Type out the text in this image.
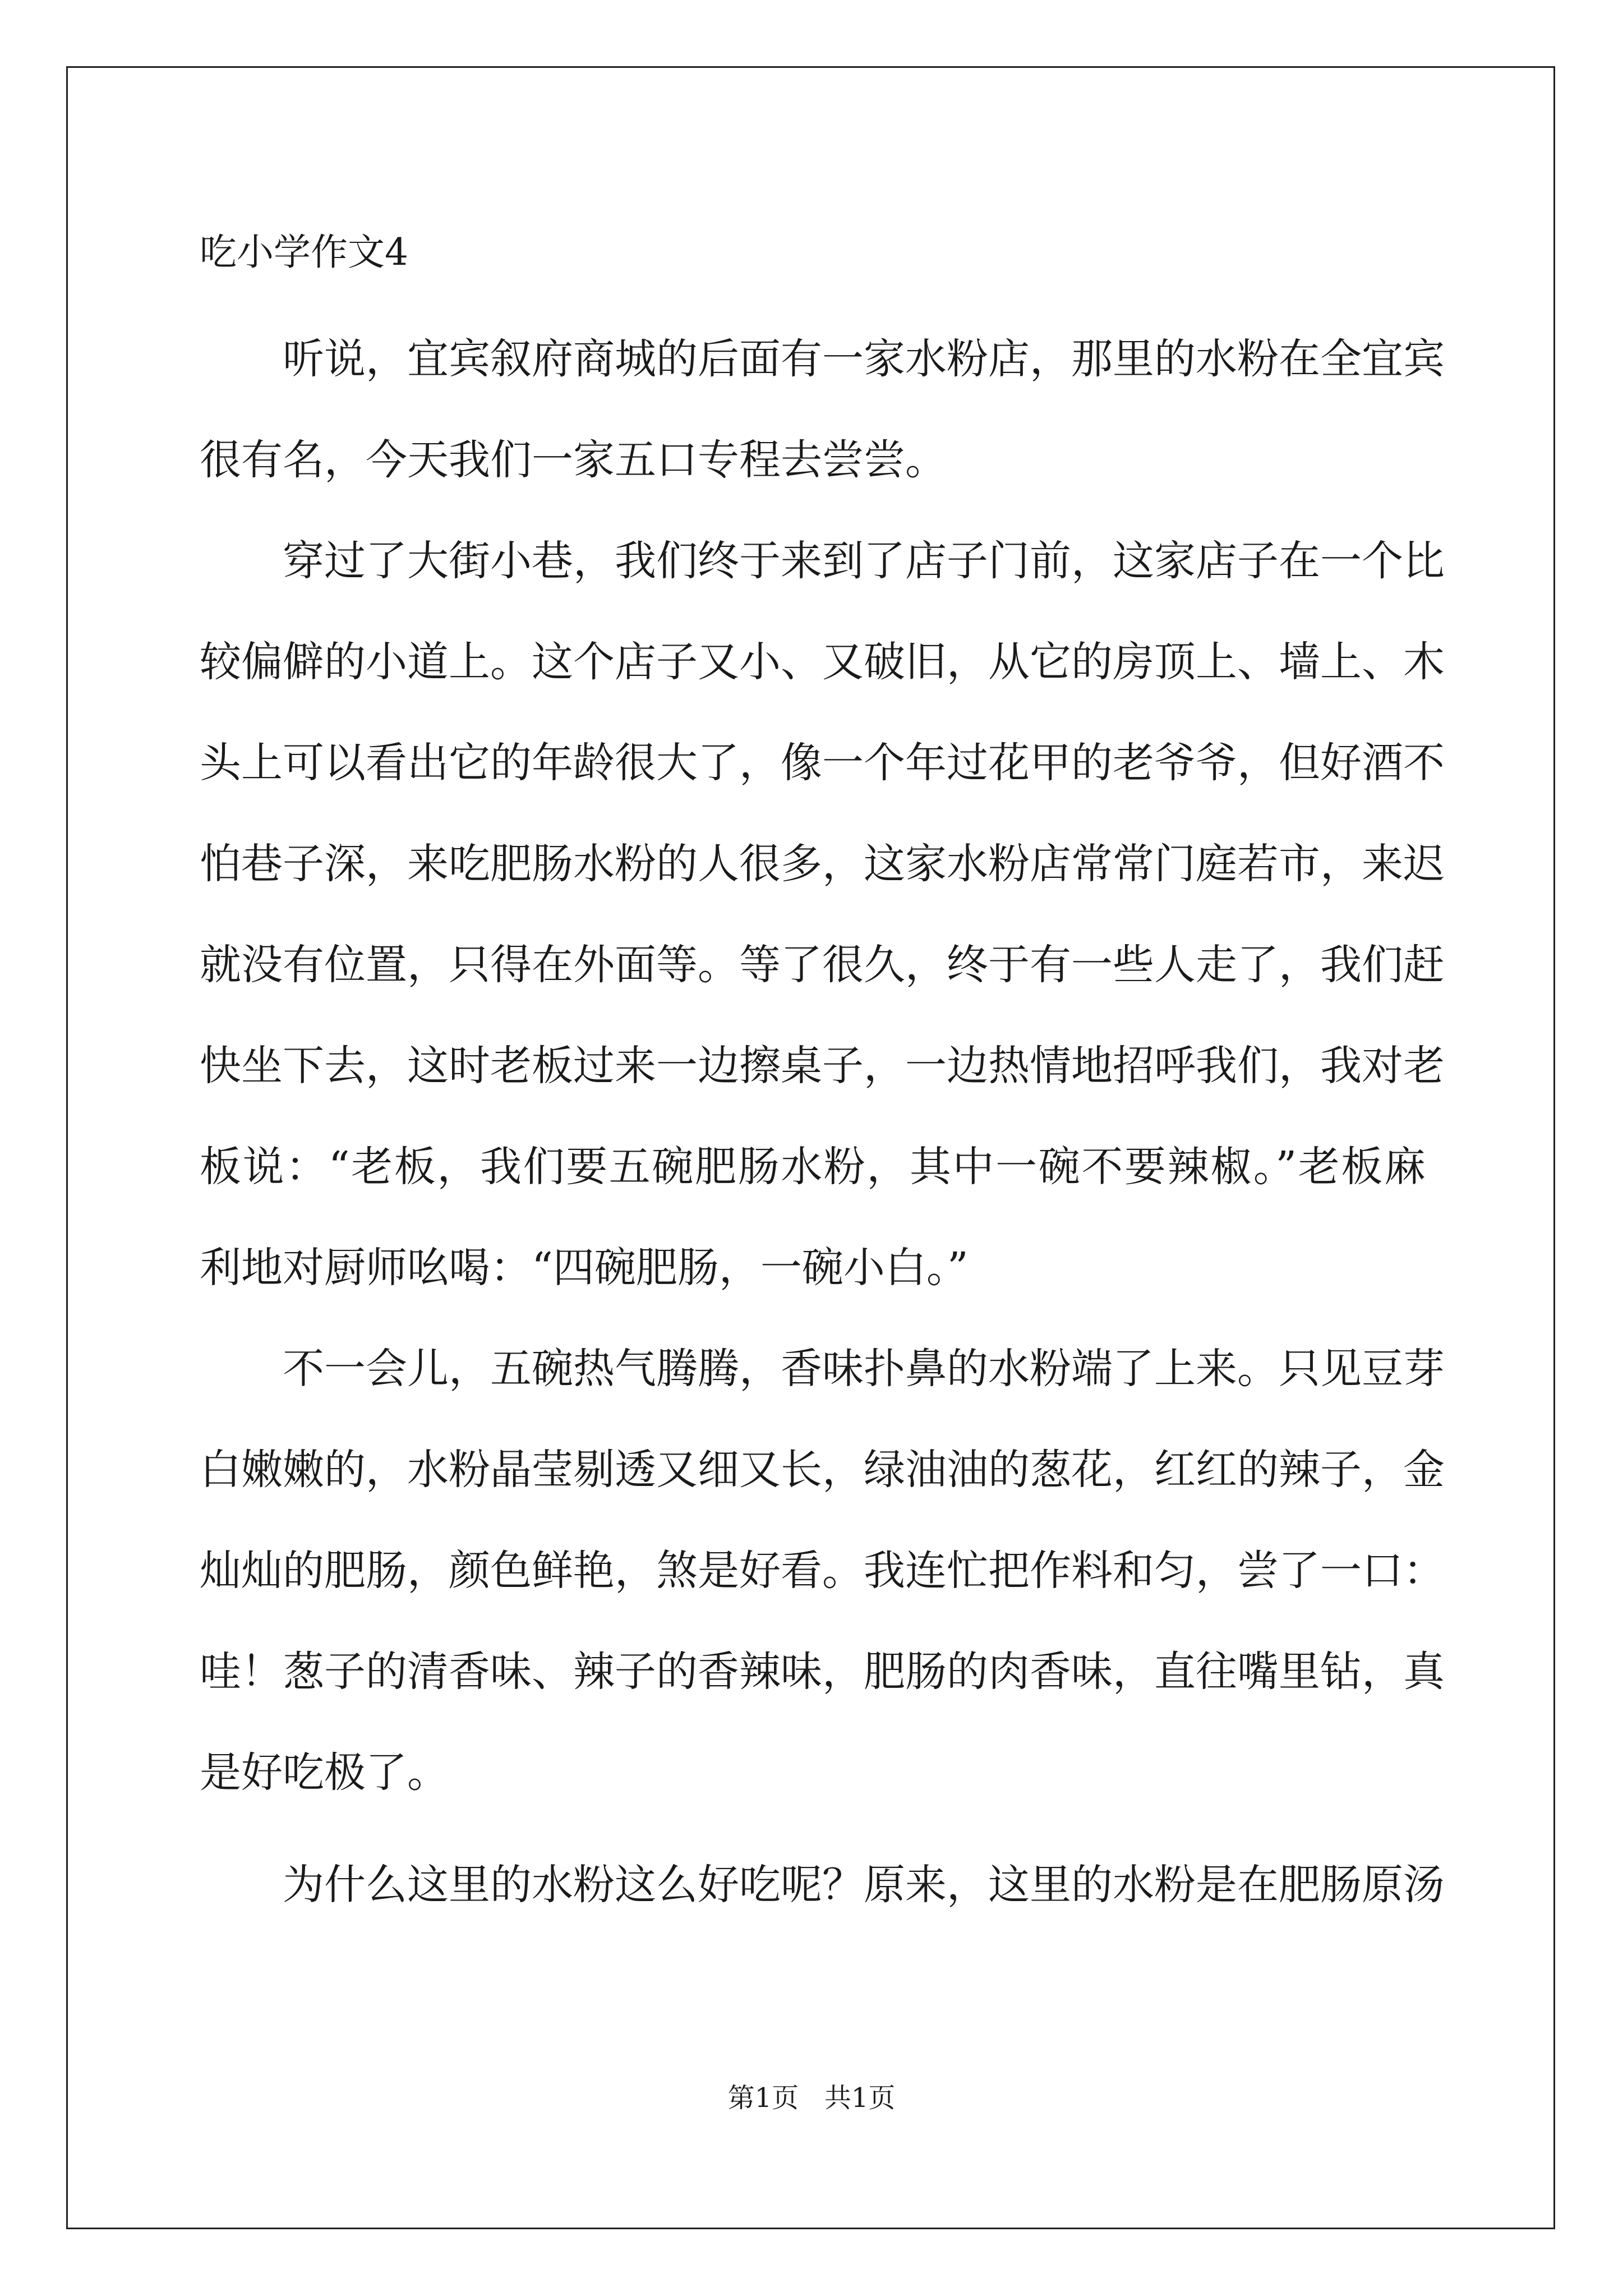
吃小学作文4
听说，宜宾叙府商城的后面有一家水粉店，那里的水粉在全宜宾
很有名，今天我们一家五口专程去尝尝。
穿过了大街小巷，我们终于来到了店子门前，这家店子在一个比
较偏僻的小道上。这个店子又小、又破旧，从它的房顶上、墙上、木
头上可以看出它的年龄很大了，像一个年过花甲的老爷爷，但好酒不
怕巷子深，来吃肥肠水粉的人很多，这家水粉店常常门庭若市，来迟
就没有位置，只得在外面等。等了很久，终于有一些人走了，我们赶
快坐下去，这时老板过来一边擦桌子，一边热情地招呼我们，我对老
板说：“老板，我们要五碗肥肠水粉，其中一碗不要辣椒。”老板麻
利地对厨师吆喝：“四碗肥肠，一碗小白。”
不一会儿，五碗热气腾腾，香味扑鼻的水粉端了上来。只见豆芽
白嫩嫩的，水粉晶莹剔透又细又长，绿油油的葱花，红红的辣子，金
灿灿的肥肠，颜色鲜艳，煞是好看。我连忙把作料和匀，尝了一口：
哇！葱子的清香味、辣子的香辣味，肥肠的肉香味，直往嘴里钻，真
是好吃极了。
为什么这里的水粉这么好吃呢？原来，这里的水粉是在肥肠原汤
第1页   共1页
